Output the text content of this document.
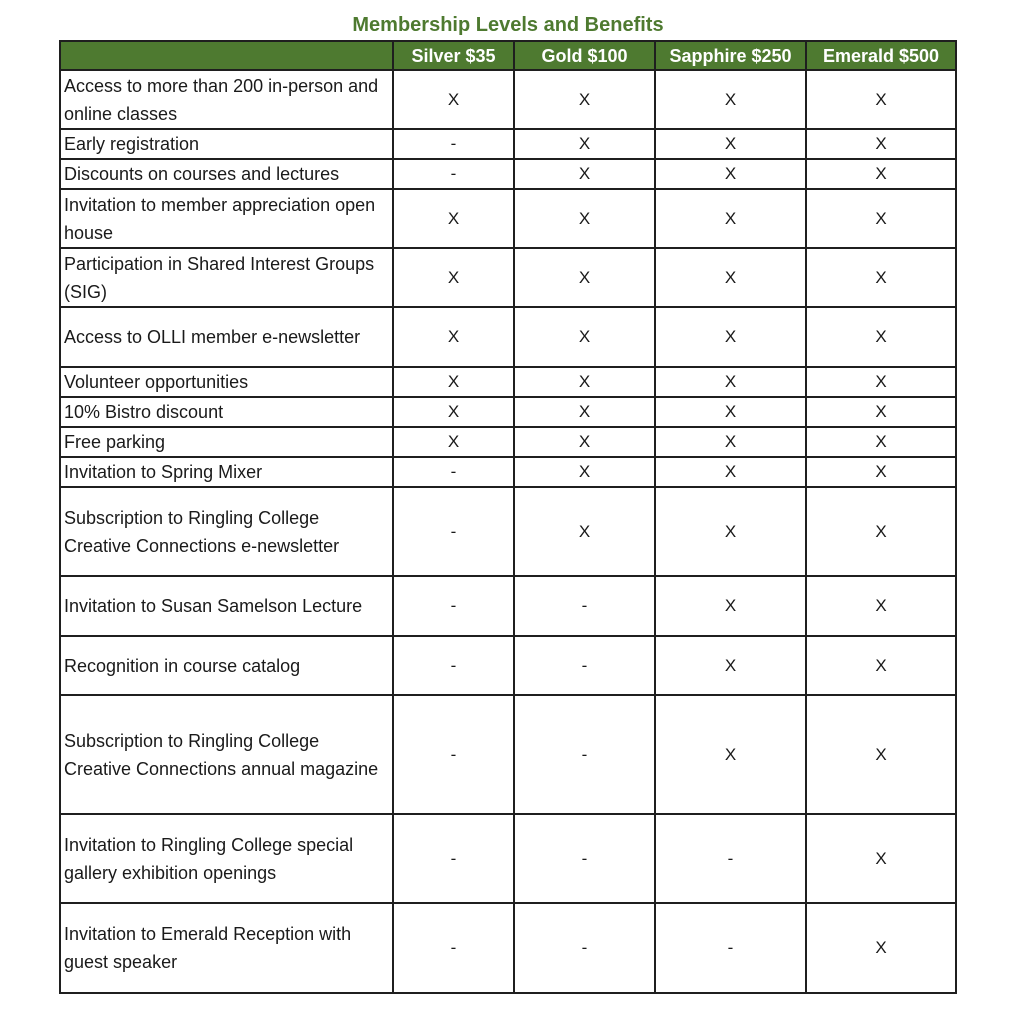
Membership Levels and Benefits
	Silver $35	Gold $100	Sapphire $250	Emerald $500
Access to more than 200 in-person and online classes	X	X	X	X
Early registration	-	X	X	X
Discounts on courses and lectures	-	X	X	X
Invitation to member appreciation open house	X	X	X	X
Participation in Shared Interest Groups (SIG)	X	X	X	X
Access to OLLI member e-newsletter	X	X	X	X
Volunteer opportunities	X	X	X	X
10% Bistro discount	X	X	X	X
Free parking	X	X	X	X
Invitation to Spring Mixer	-	X	X	X
Subscription to Ringling College Creative Connections e-newsletter	-	X	X	X
Invitation to Susan Samelson Lecture	-	-	X	X
Recognition in course catalog	-	-	X	X
Subscription to Ringling College Creative Connections annual magazine	-	-	X	X
Invitation to Ringling College special gallery exhibition openings	-	-	-	X
Invitation to Emerald Reception with guest speaker	-	-	-	X
